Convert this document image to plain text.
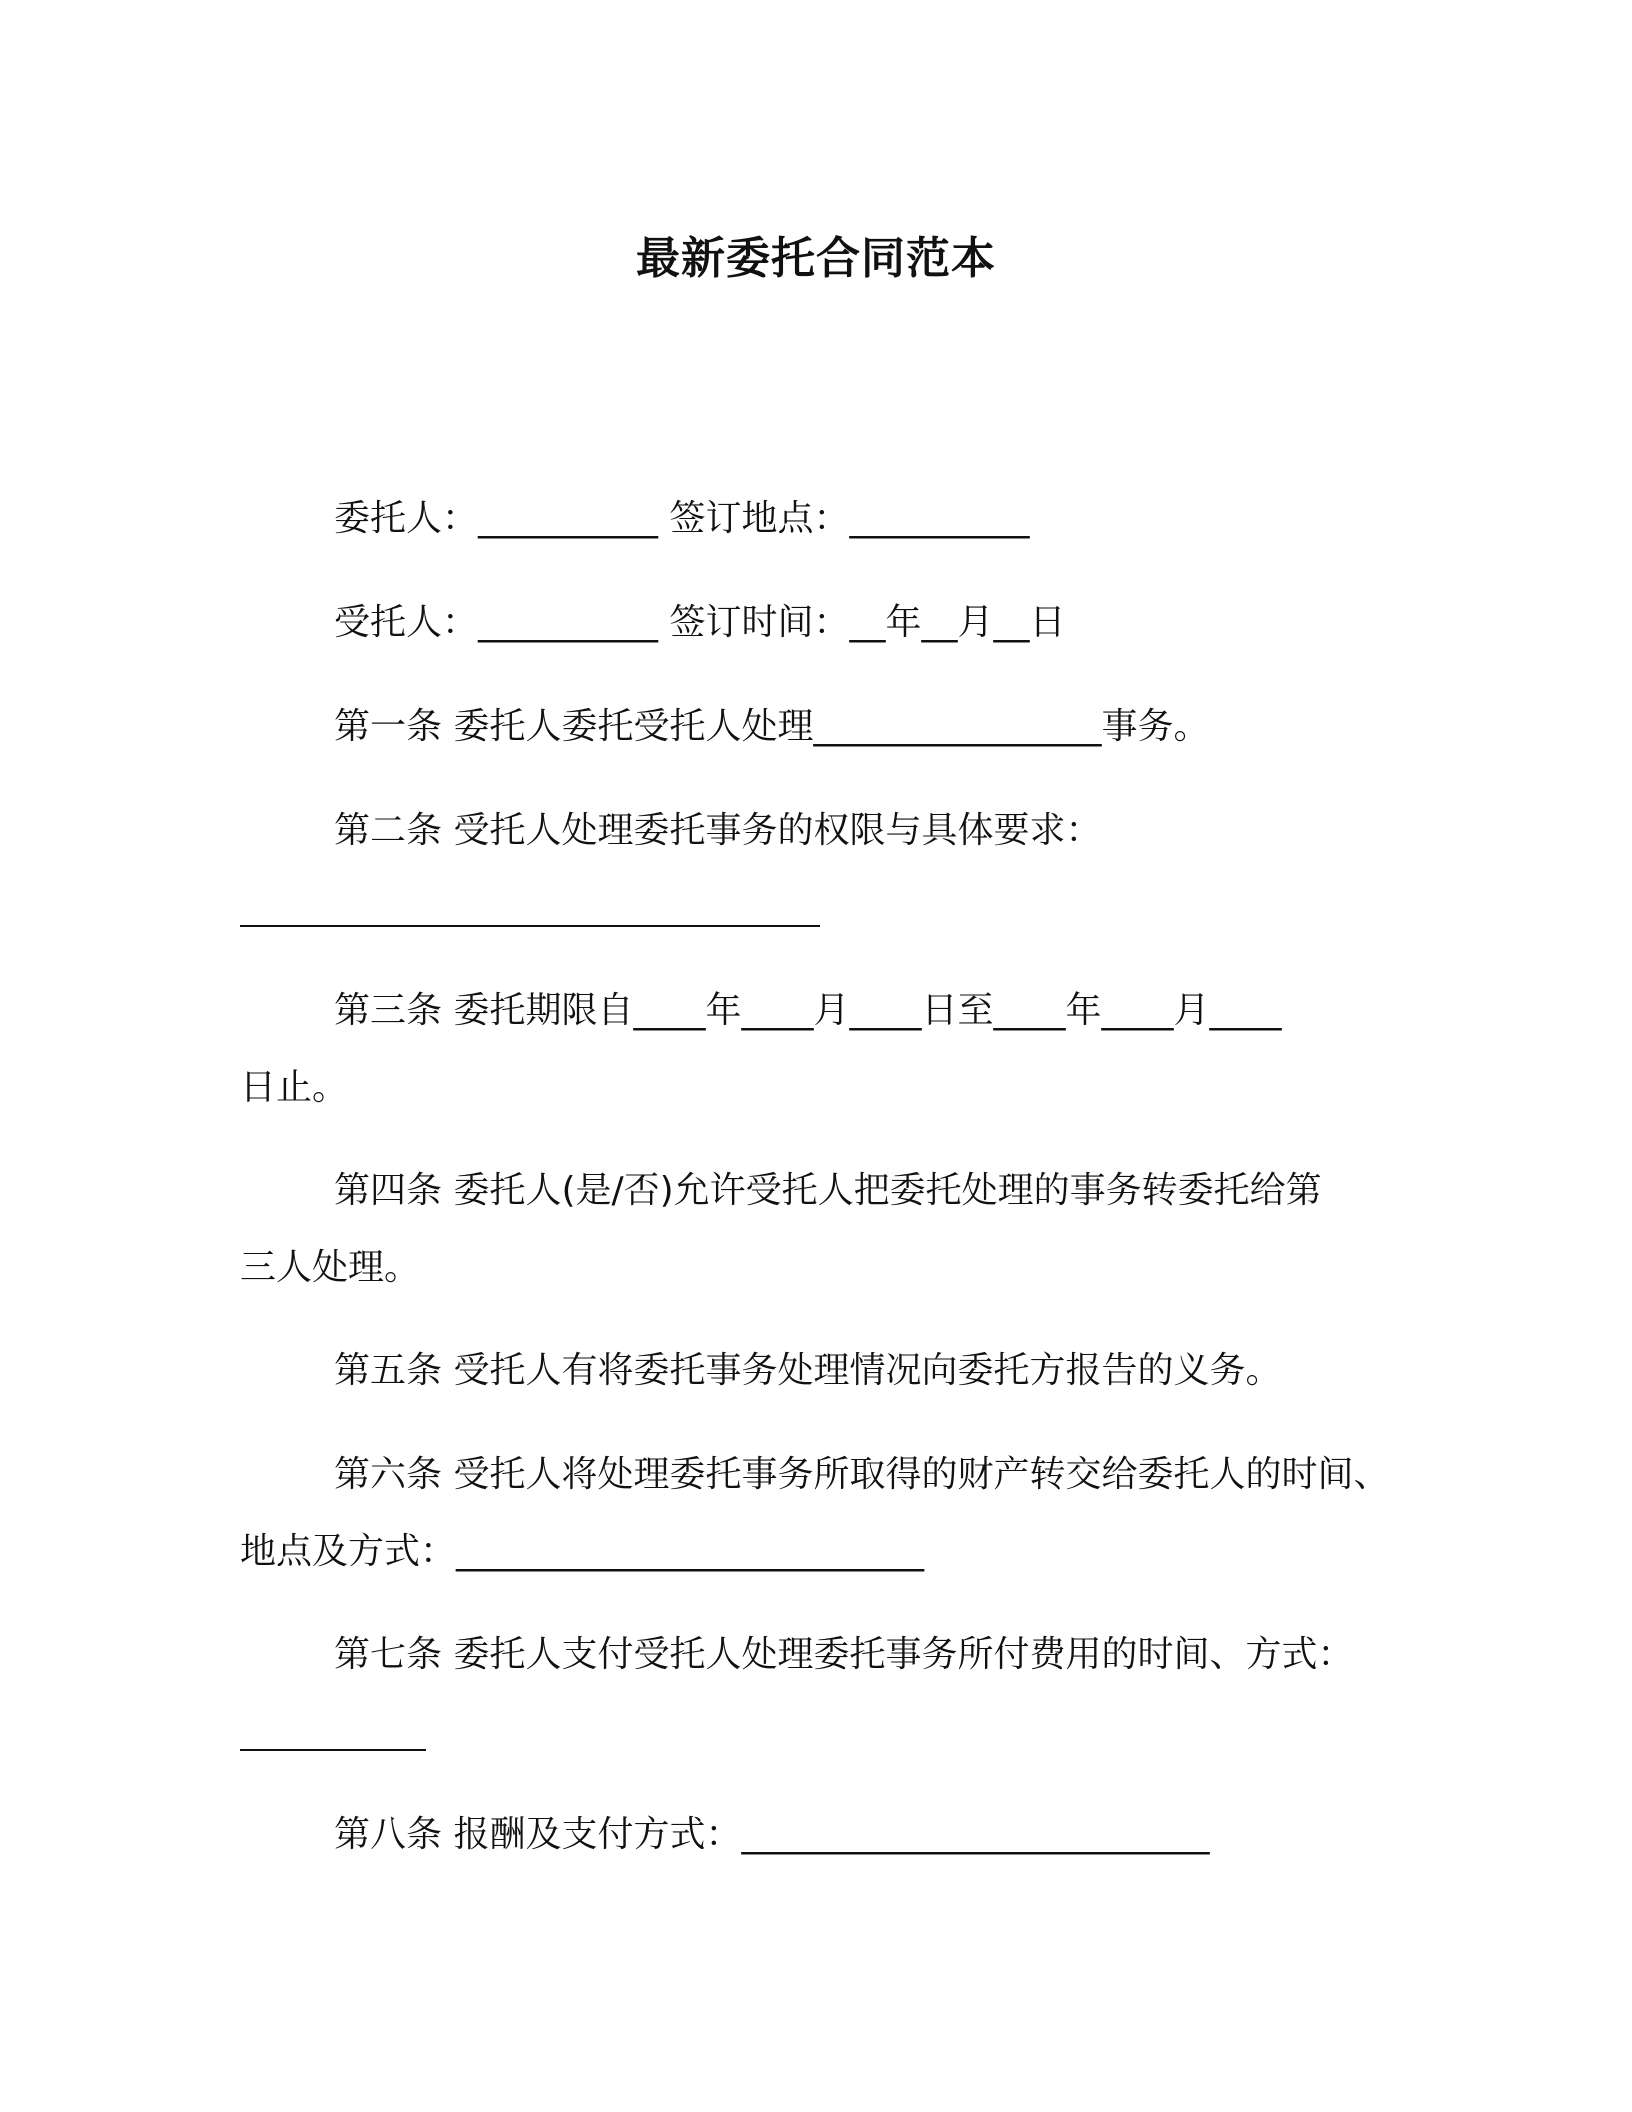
最新委托合同范本
委托人：__________ 签订地点：__________
受托人：__________ 签订时间：__年__月__日
第一条 委托人委托受托人处理________________事务。
第二条 受托人处理委托事务的权限与具体要求：
第三条 委托期限自____年____月____日至____年____月____
日止。
第四条 委托人(是/否)允许受托人把委托处理的事务转委托给第
三人处理。
第五条 受托人有将委托事务处理情况向委托方报告的义务。
第六条 受托人将处理委托事务所取得的财产转交给委托人的时间、
地点及方式：__________________________
第七条 委托人支付受托人处理委托事务所付费用的时间、方式：
第八条 报酬及支付方式：__________________________
